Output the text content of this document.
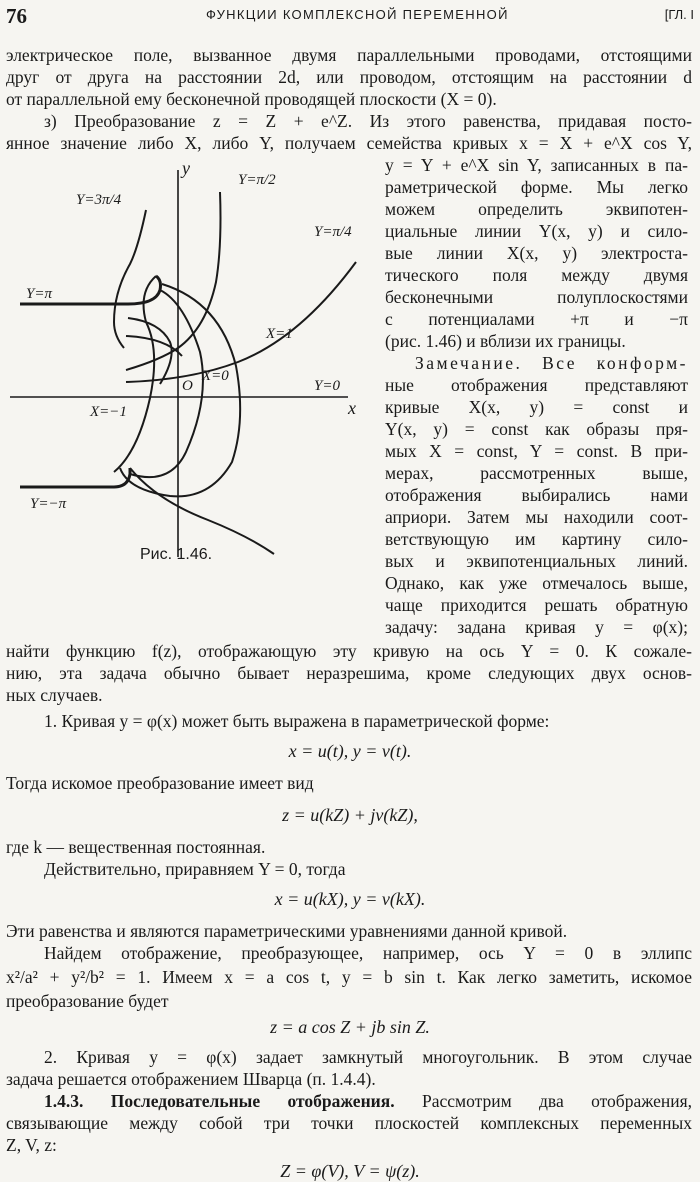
76	ФУНКЦИИ КОМПЛЕКСНОЙ ПЕРЕМЕННОЙ	[ГЛ. I
электрическое поле, вызванное двумя параллельными проводами, отстоящими
друг от друга на расстоянии 2d, или проводом, отстоящим на расстоянии d
от параллельной ему бесконечной проводящей плоскости (X = 0).
з) Преобразование z = Z + e^Z. Из этого равенства, придавая посто-
янное значение либо X, либо Y, получаем семейства кривых x = X + e^X cos Y,
y = Y + e^X sin Y, записанных в па-
раметрической форме. Мы легко
можем определить эквипотен-
циальные линии Y(x, y) и сило-
вые линии X(x, y) электроста-
тического поля между двумя
бесконечными полуплоскостями
с потенциалами +π и −π
(рис. 1.46) и вблизи их границы.
Замечание. Все конформ-
ные отображения представляют
кривые X(x, y) = const и
Y(x, y) = const как образы пря-
мых X = const, Y = const. В при-
мерах, рассмотренных выше,
отображения выбирались нами
априори. Затем мы находили соот-
ветствующую им картину сило-
вых и эквипотенциальных линий.
Однако, как уже отмечалось выше,
чаще приходится решать обратную
задачу: задана кривая y = φ(x);
y
x
O
Y=3π/4
Y=π/2
Y=π/4
Y=π
Y=−π
Y=0
X=1
X=0
X=−1
Рис. 1.46.
найти функцию f(z), отображающую эту кривую на ось Y = 0. К сожале-
нию, эта задача обычно бывает неразрешима, кроме следующих двух основ-
ных случаев.
1. Кривая y = φ(x) может быть выражена в параметрической форме:
x = u(t), y = v(t).
Тогда искомое преобразование имеет вид
z = u(kZ) + jv(kZ),
где k — вещественная постоянная.
Действительно, приравняем Y = 0, тогда
x = u(kX), y = v(kX).
Эти равенства и являются параметрическими уравнениями данной кривой.
Найдем отображение, преобразующее, например, ось Y = 0 в эллипс
x²/a² + y²/b² = 1. Имеем x = a cos t, y = b sin t. Как легко заметить, искомое
преобразование будет
z = a cos Z + jb sin Z.
2. Кривая y = φ(x) задает замкнутый многоугольник. В этом случае
задача решается отображением Шварца (п. 1.4.4).
1.4.3. Последовательные отображения. Рассмотрим два отображения,
связывающие между собой три точки плоскостей комплексных переменных
Z, V, z:
Z = φ(V), V = ψ(z).
